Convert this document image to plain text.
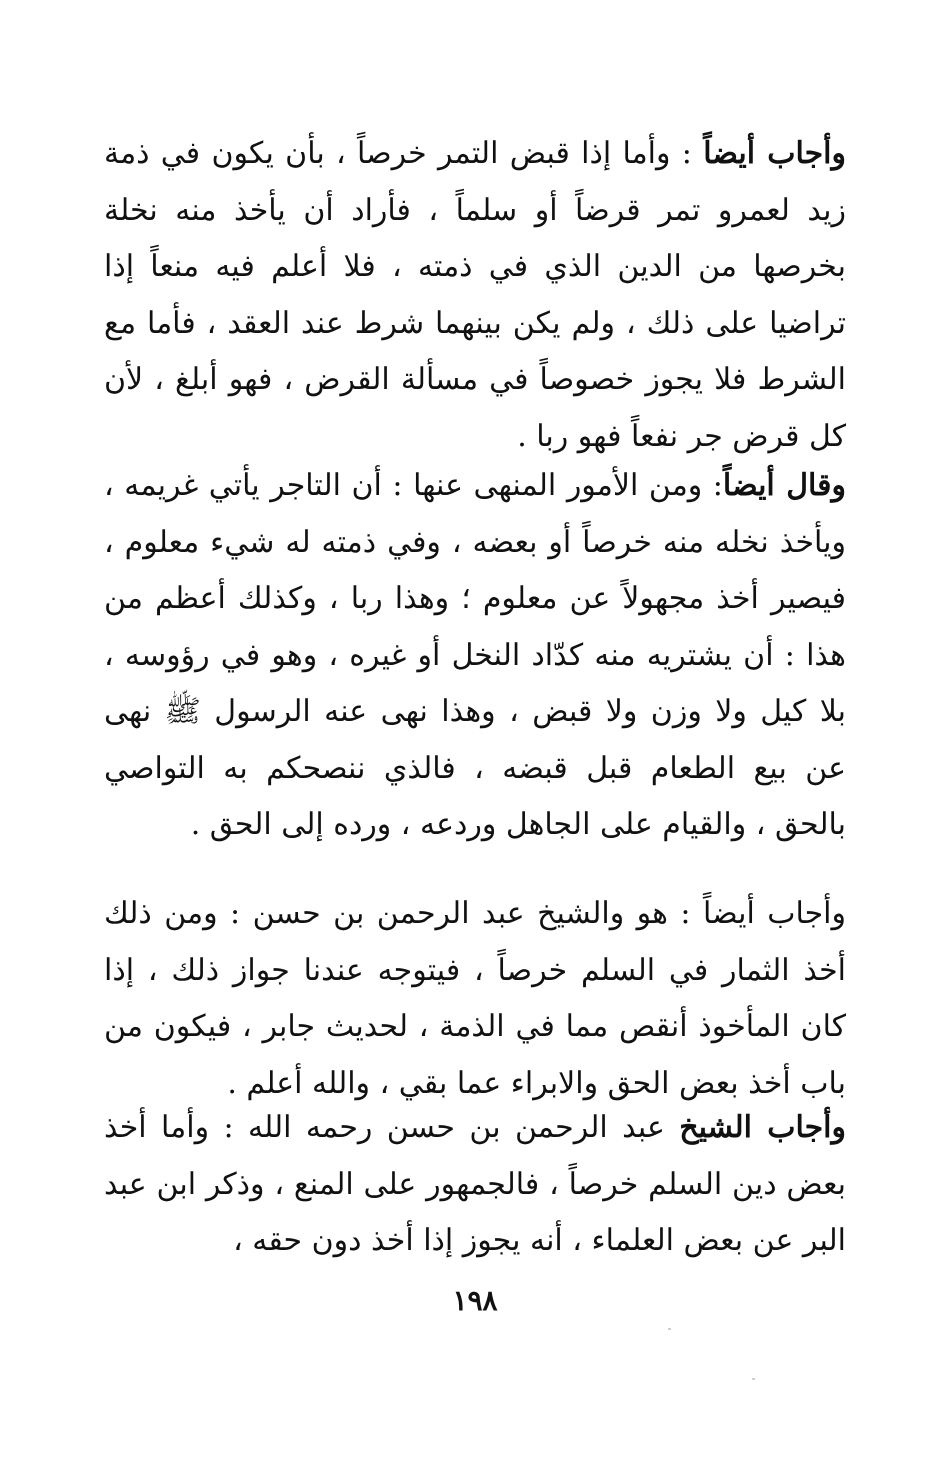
وأجاب أيضاً : وأما إذا قبض التمر خرصاً ، بأن يكون في ذمة زيد لعمرو تمر قرضاً أو سلماً ، فأراد أن يأخذ منه نخلة بخرصها من الدين الذي في ذمته ، فلا أعلم فيه منعاً إذا تراضيا على ذلك ، ولم يكن بينهما شرط عند العقد ، فأما مع الشرط فلا يجوز خصوصاً في مسألة القرض ، فهو أبلغ ، لأن كل قرض جر نفعاً فهو ربا .

وقال أيضاً: ومن الأمور المنهى عنها : أن التاجر يأتي غريمه ، ويأخذ نخله منه خرصاً أو بعضه ، وفي ذمته له شيء معلوم ، فيصير أخذ مجهولاً عن معلوم ؛ وهذا ربا ، وكذلك أعظم من هذا : أن يشتريه منه كدّاد النخل أو غيره ، وهو في رؤوسه ، بلا كيل ولا وزن ولا قبض ، وهذا نهى عنه الرسول ﷺ نهى عن بيع الطعام قبل قبضه ، فالذي ننصحكم به التواصي بالحق ، والقيام على الجاهل وردعه ، ورده إلى الحق .

وأجاب أيضاً : هو والشيخ عبد الرحمن بن حسن : ومن ذلك أخذ الثمار في السلم خرصاً ، فيتوجه عندنا جواز ذلك ، إذا كان المأخوذ أنقص مما في الذمة ، لحديث جابر ، فيكون من باب أخذ بعض الحق والابراء عما بقي ، والله أعلم .

وأجاب الشيخ عبد الرحمن بن حسن رحمه الله : وأما أخذ بعض دين السلم خرصاً ، فالجمهور على المنع ، وذكر ابن عبد البر عن بعض العلماء ، أنه يجوز إذا أخذ دون حقه ،

١٩٨
